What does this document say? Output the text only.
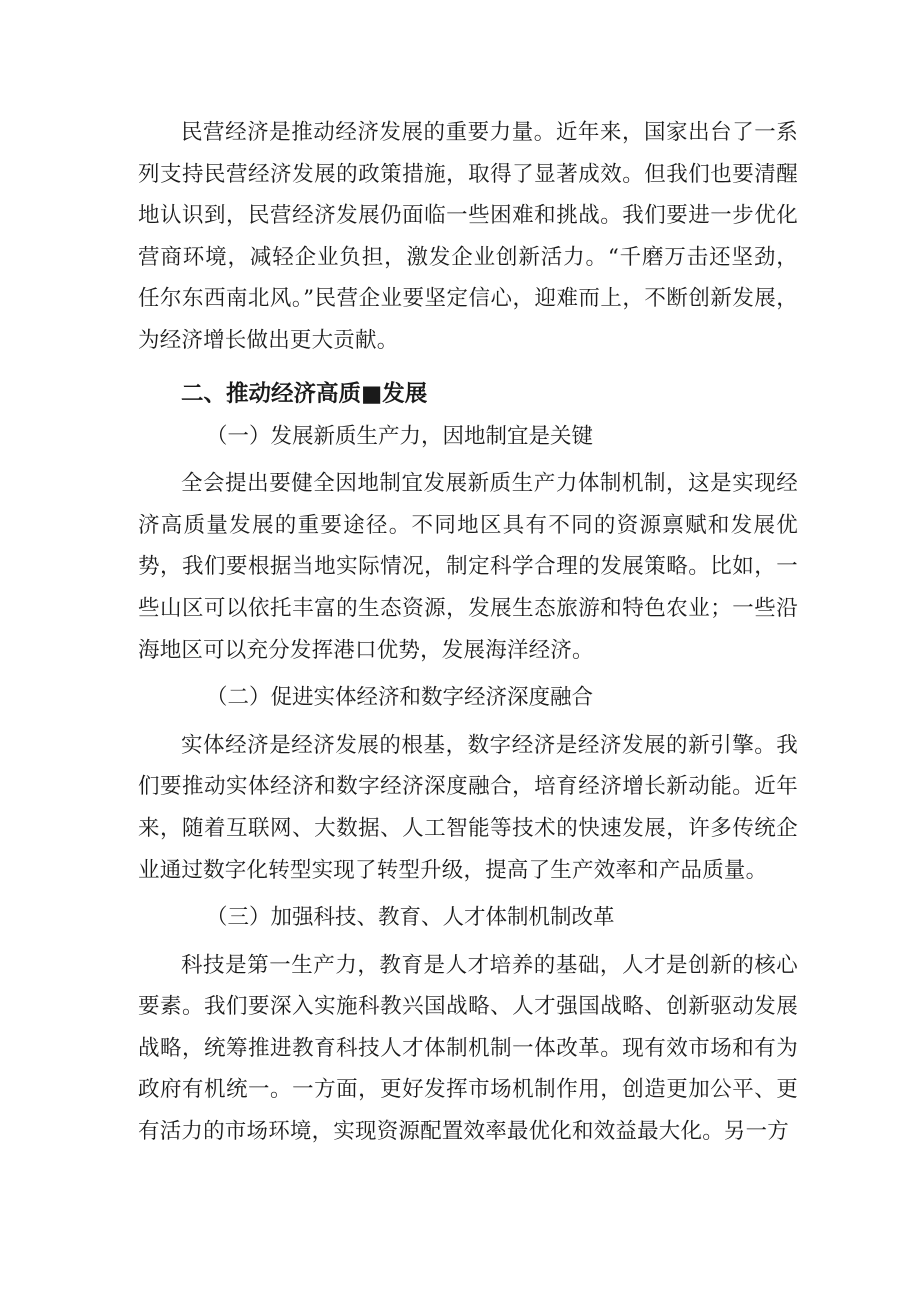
民营经济是推动经济发展的重要力量。近年来，国家出台了一系列支持民营经济发展的政策措施，取得了显著成效。但我们也要清醒地认识到，民营经济发展仍面临一些困难和挑战。我们要进一步优化营商环境，减轻企业负担，激发企业创新活力。“千磨万击还坚劲，任尔东西南北风。”民营企业要坚定信心，迎难而上，不断创新发展，为经济增长做出更大贡献。

二、推动经济高质■发展
（一）发展新质生产力，因地制宜是关键

全会提出要健全因地制宜发展新质生产力体制机制，这是实现经济高质量发展的重要途径。不同地区具有不同的资源禀赋和发展优势，我们要根据当地实际情况，制定科学合理的发展策略。比如，一些山区可以依托丰富的生态资源，发展生态旅游和特色农业；一些沿海地区可以充分发挥港口优势，发展海洋经济。

（二）促进实体经济和数字经济深度融合

实体经济是经济发展的根基，数字经济是经济发展的新引擎。我们要推动实体经济和数字经济深度融合，培育经济增长新动能。近年来，随着互联网、大数据、人工智能等技术的快速发展，许多传统企业通过数字化转型实现了转型升级，提高了生产效率和产品质量。

（三）加强科技、教育、人才体制机制改革

科技是第一生产力，教育是人才培养的基础，人才是创新的核心要素。我们要深入实施科教兴国战略、人才强国战略、创新驱动发展战略，统筹推进教育科技人才体制机制一体改革。现有效市场和有为政府有机统一。一方面，更好发挥市场机制作用，创造更加公平、更有活力的市场环境，实现资源配置效率最优化和效益最大化。另一方
